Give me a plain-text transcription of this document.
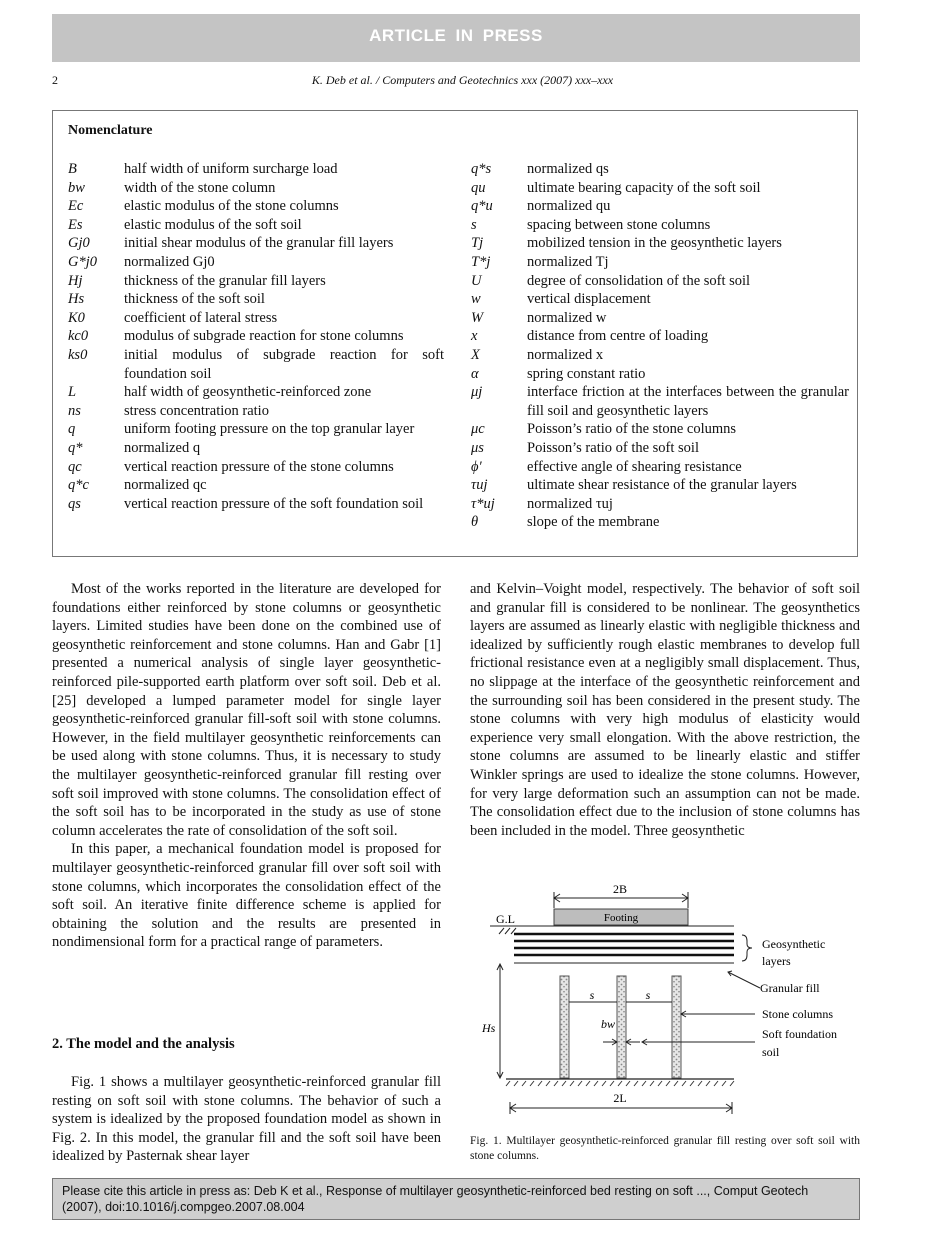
ARTICLE IN PRESS
2	K. Deb et al. / Computers and Geotechnics xxx (2007) xxx–xxx
Nomenclature
B	half width of uniform surcharge load
bw	width of the stone column
Ec	elastic modulus of the stone columns
Es	elastic modulus of the soft soil
Gj0	initial shear modulus of the granular fill layers
G*j0	normalized Gj0
Hj	thickness of the granular fill layers
Hs	thickness of the soft soil
K0	coefficient of lateral stress
kc0	modulus of subgrade reaction for stone columns
ks0	initial modulus of subgrade reaction for soft foundation soil
L	half width of geosynthetic-reinforced zone
ns	stress concentration ratio
q	uniform footing pressure on the top granular layer
q*	normalized q
qc	vertical reaction pressure of the stone columns
q*c	normalized qc
qs	vertical reaction pressure of the soft foundation soil
q*s	normalized qs
qu	ultimate bearing capacity of the soft soil
q*u	normalized qu
s	spacing between stone columns
Tj	mobilized tension in the geosynthetic layers
T*j	normalized Tj
U	degree of consolidation of the soft soil
w	vertical displacement
W	normalized w
x	distance from centre of loading
X	normalized x
α	spring constant ratio
μj	interface friction at the interfaces between the granular fill soil and geosynthetic layers
μc	Poisson’s ratio of the stone columns
μs	Poisson’s ratio of the soft soil
ϕ′	effective angle of shearing resistance
τuj	ultimate shear resistance of the granular layers
τ*uj	normalized τuj
θ	slope of the membrane

Most of the works reported in the literature are developed for foundations either reinforced by stone columns or geosynthetic layers. Limited studies have been done on the combined use of geosynthetic reinforcement and stone columns. Han and Gabr [1] presented a numerical analysis of single layer geosynthetic-reinforced pile-supported earth platform over soft soil. Deb et al. [25] developed a lumped parameter model for single layer geosynthetic-reinforced granular fill-soft soil with stone columns. However, in the field multilayer geosynthetic reinforcements can be used along with stone columns. Thus, it is necessary to study the multilayer geosynthetic-reinforced granular fill resting over soft soil improved with stone columns. The consolidation effect of the soft soil has to be incorporated in the study as use of stone column accelerates the rate of consolidation of the soft soil.

In this paper, a mechanical foundation model is proposed for multilayer geosynthetic-reinforced granular fill over soft soil with stone columns, which incorporates the consolidation effect of the soft soil. An iterative finite difference scheme is applied for obtaining the solution and the results are presented in nondimensional form for a practical range of parameters.

2. The model and the analysis

Fig. 1 shows a multilayer geosynthetic-reinforced granular fill resting on soft soil with stone columns. The behavior of such a system is idealized by the proposed foundation model as shown in Fig. 2. In this model, the granular fill and the soft soil have been idealized by Pasternak shear layer

and Kelvin–Voight model, respectively. The behavior of soft soil and granular fill is considered to be nonlinear. The geosynthetics layers are assumed as linearly elastic with negligible thickness and idealized by sufficiently rough elastic membranes to develop full frictional resistance even at a negligibly small displacement. Thus, no slippage at the interface of the geosynthetic reinforcement and the surrounding soil has been considered in the present study. The stone columns with very high modulus of elasticity would experience very small elongation. With the above restriction, the stone columns are assumed to be linearly elastic and stiffer Winkler springs are used to idealize the stone columns. However, for very large deformation such an assumption can not be made. The consolidation effect due to the inclusion of stone columns has been included in the model. Three geosynthetic

2B
Footing
G.L
Geosynthetic
layers
Granular fill
s	s
bw
Hs
2L
Stone columns
Soft foundation
soil
Fig. 1. Multilayer geosynthetic-reinforced granular fill resting over soft soil with stone columns.
Please cite this article in press as: Deb K et al., Response of multilayer geosynthetic-reinforced bed resting on soft ..., Comput Geotech (2007), doi:10.1016/j.compgeo.2007.08.004
